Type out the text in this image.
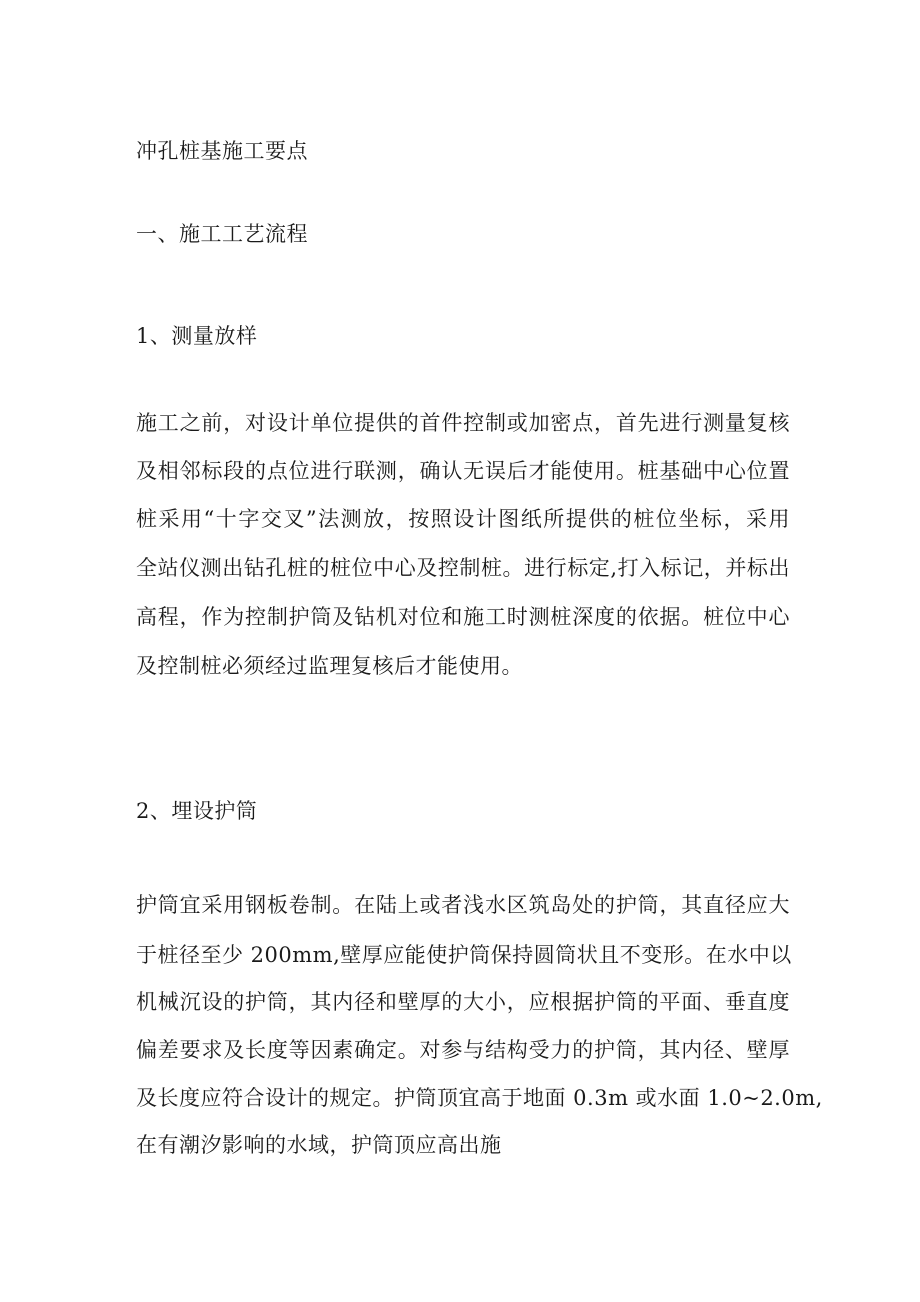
冲孔桩基施工要点
一、施工工艺流程
1、测量放样
施工之前，对设计单位提供的首件控制或加密点，首先进行测量复核
及相邻标段的点位进行联测，确认无误后才能使用。桩基础中心位置
桩采用“十字交叉”法测放，按照设计图纸所提供的桩位坐标，采用
全站仪测出钻孔桩的桩位中心及控制桩。进行标定,打入标记，并标出
高程，作为控制护筒及钻机对位和施工时测桩深度的依据。桩位中心
及控制桩必须经过监理复核后才能使用。
2、埋设护筒
护筒宜采用钢板卷制。在陆上或者浅水区筑岛处的护筒，其直径应大
于桩径至少 200mm,壁厚应能使护筒保持圆筒状且不变形。在水中以
机械沉设的护筒，其内径和壁厚的大小，应根据护筒的平面、垂直度
偏差要求及长度等因素确定。对参与结构受力的护筒，其内径、壁厚
及长度应符合设计的规定。护筒顶宜高于地面 0.3m 或水面 1.0~2.0m,
在有潮汐影响的水域，护筒顶应高出施
